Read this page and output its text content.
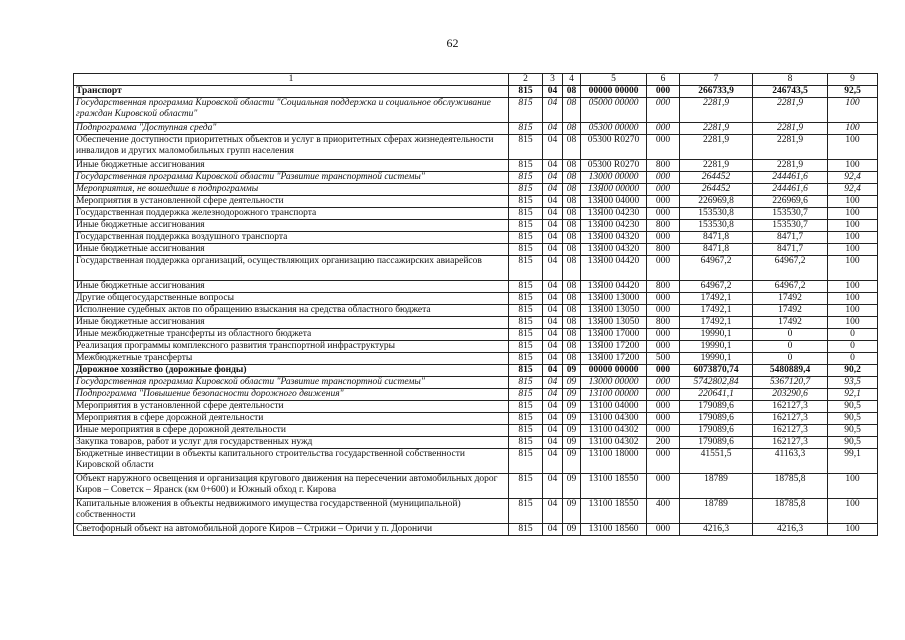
62
1	2	3	4	5	6	7	8	9
Транспорт	815	04	08	00000 00000	000	266733,9	246743,5	92,5
Государственная программа Кировской области "Социальная поддержка и социальное обслуживание граждан Кировской области"	815	04	08	05000 00000	000	2281,9	2281,9	100
Подпрограмма "Доступная среда"	815	04	08	05300 00000	000	2281,9	2281,9	100
Обеспечение доступности приоритетных объектов и услуг в приоритетных сферах жизнедеятельности инвалидов и других маломобильных групп населения	815	04	08	05300 R0270	000	2281,9	2281,9	100
Иные бюджетные ассигнования	815	04	08	05300 R0270	800	2281,9	2281,9	100
Государственная программа Кировской области "Развитие транспортной системы"	815	04	08	13000 00000	000	264452	244461,6	92,4
Мероприятия, не вошедшие в подпрограммы	815	04	08	13Я00 00000	000	264452	244461,6	92,4
Мероприятия в установленной сфере деятельности	815	04	08	13Я00 04000	000	226969,8	226969,6	100
Государственная поддержка железнодорожного транспорта	815	04	08	13Я00 04230	000	153530,8	153530,7	100
Иные бюджетные ассигнования	815	04	08	13Я00 04230	800	153530,8	153530,7	100
Государственная поддержка воздушного транспорта	815	04	08	13Я00 04320	000	8471,8	8471,7	100
Иные бюджетные ассигнования	815	04	08	13Я00 04320	800	8471,8	8471,7	100
Государственная поддержка организаций, осуществляющих организацию пассажирских авиарейсов	815	04	08	13Я00 04420	000	64967,2	64967,2	100
Иные бюджетные ассигнования	815	04	08	13Я00 04420	800	64967,2	64967,2	100
Другие общегосударственные вопросы	815	04	08	13Я00 13000	000	17492,1	17492	100
Исполнение судебных актов по обращению взыскания на средства областного бюджета	815	04	08	13Я00 13050	000	17492,1	17492	100
Иные бюджетные ассигнования	815	04	08	13Я00 13050	800	17492,1	17492	100
Иные межбюджетные трансферты из областного бюджета	815	04	08	13Я00 17000	000	19990,1	0	0
Реализация программы комплексного развития транспортной инфраструктуры	815	04	08	13Я00 17200	000	19990,1	0	0
Межбюджетные трансферты	815	04	08	13Я00 17200	500	19990,1	0	0
Дорожное хозяйство (дорожные фонды)	815	04	09	00000 00000	000	6073870,74	5480889,4	90,2
Государственная программа Кировской области "Развитие транспортной системы"	815	04	09	13000 00000	000	5742802,84	5367120,7	93,5
Подпрограмма "Повышение безопасности дорожного движения"	815	04	09	13100 00000	000	220641,1	203290,6	92,1
Мероприятия в установленной сфере деятельности	815	04	09	13100 04000	000	179089,6	162127,3	90,5
Мероприятия в сфере дорожной деятельности	815	04	09	13100 04300	000	179089,6	162127,3	90,5
Иные мероприятия в сфере дорожной деятельности	815	04	09	13100 04302	000	179089,6	162127,3	90,5
Закупка товаров, работ и услуг для государственных нужд	815	04	09	13100 04302	200	179089,6	162127,3	90,5
Бюджетные инвестиции в объекты капитального строительства государственной собственности Кировской области	815	04	09	13100 18000	000	41551,5	41163,3	99,1
Объект наружного освещения и организация кругового движения на пересечении автомобильных дорог Киров – Советск – Яранск (км 0+600) и Южный обход г. Кирова	815	04	09	13100 18550	000	18789	18785,8	100
Капитальные вложения в объекты недвижимого имущества государственной (муниципальной) собственности	815	04	09	13100 18550	400	18789	18785,8	100
Светофорный объект на автомобильной дороге Киров – Стрижи – Оричи у п. Дороничи	815	04	09	13100 18560	000	4216,3	4216,3	100
